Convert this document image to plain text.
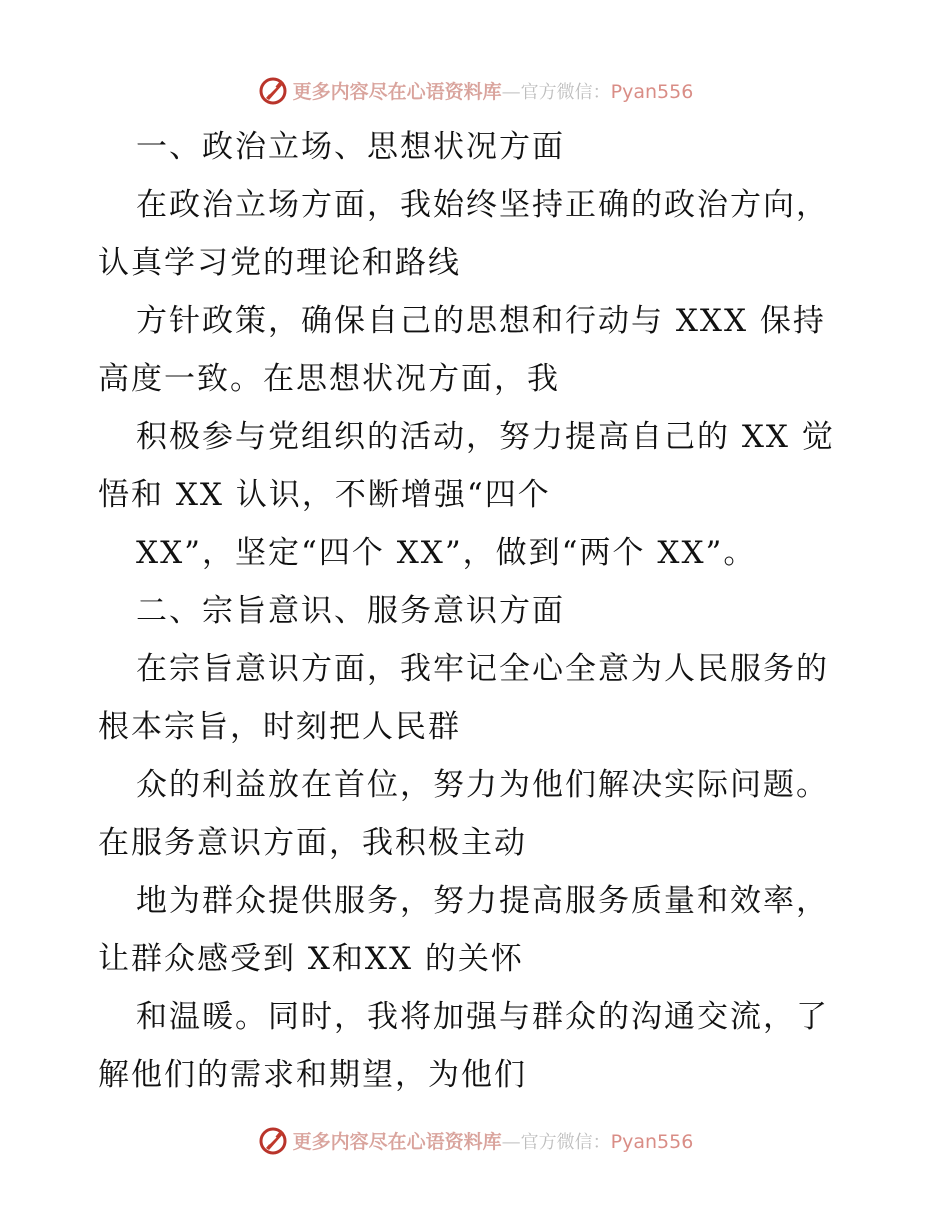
更多内容尽在心语资料库—官方微信：Pyan556
一、政治立场、思想状况方面
在政治立场方面，我始终坚持正确的政治方向，
认真学习党的理论和路线
方针政策，确保自己的思想和行动与 XXX 保持
高度一致。在思想状况方面，我
积极参与党组织的活动，努力提高自己的 XX 觉
悟和 XX 认识，不断增强“四个
XX”，坚定“四个 XX”，做到“两个 XX”。
二、宗旨意识、服务意识方面
在宗旨意识方面，我牢记全心全意为人民服务的
根本宗旨，时刻把人民群
众的利益放在首位，努力为他们解决实际问题。
在服务意识方面，我积极主动
地为群众提供服务，努力提高服务质量和效率，
让群众感受到 X和XX 的关怀
和温暖。同时，我将加强与群众的沟通交流，了
解他们的需求和期望，为他们
更多内容尽在心语资料库—官方微信：Pyan556
